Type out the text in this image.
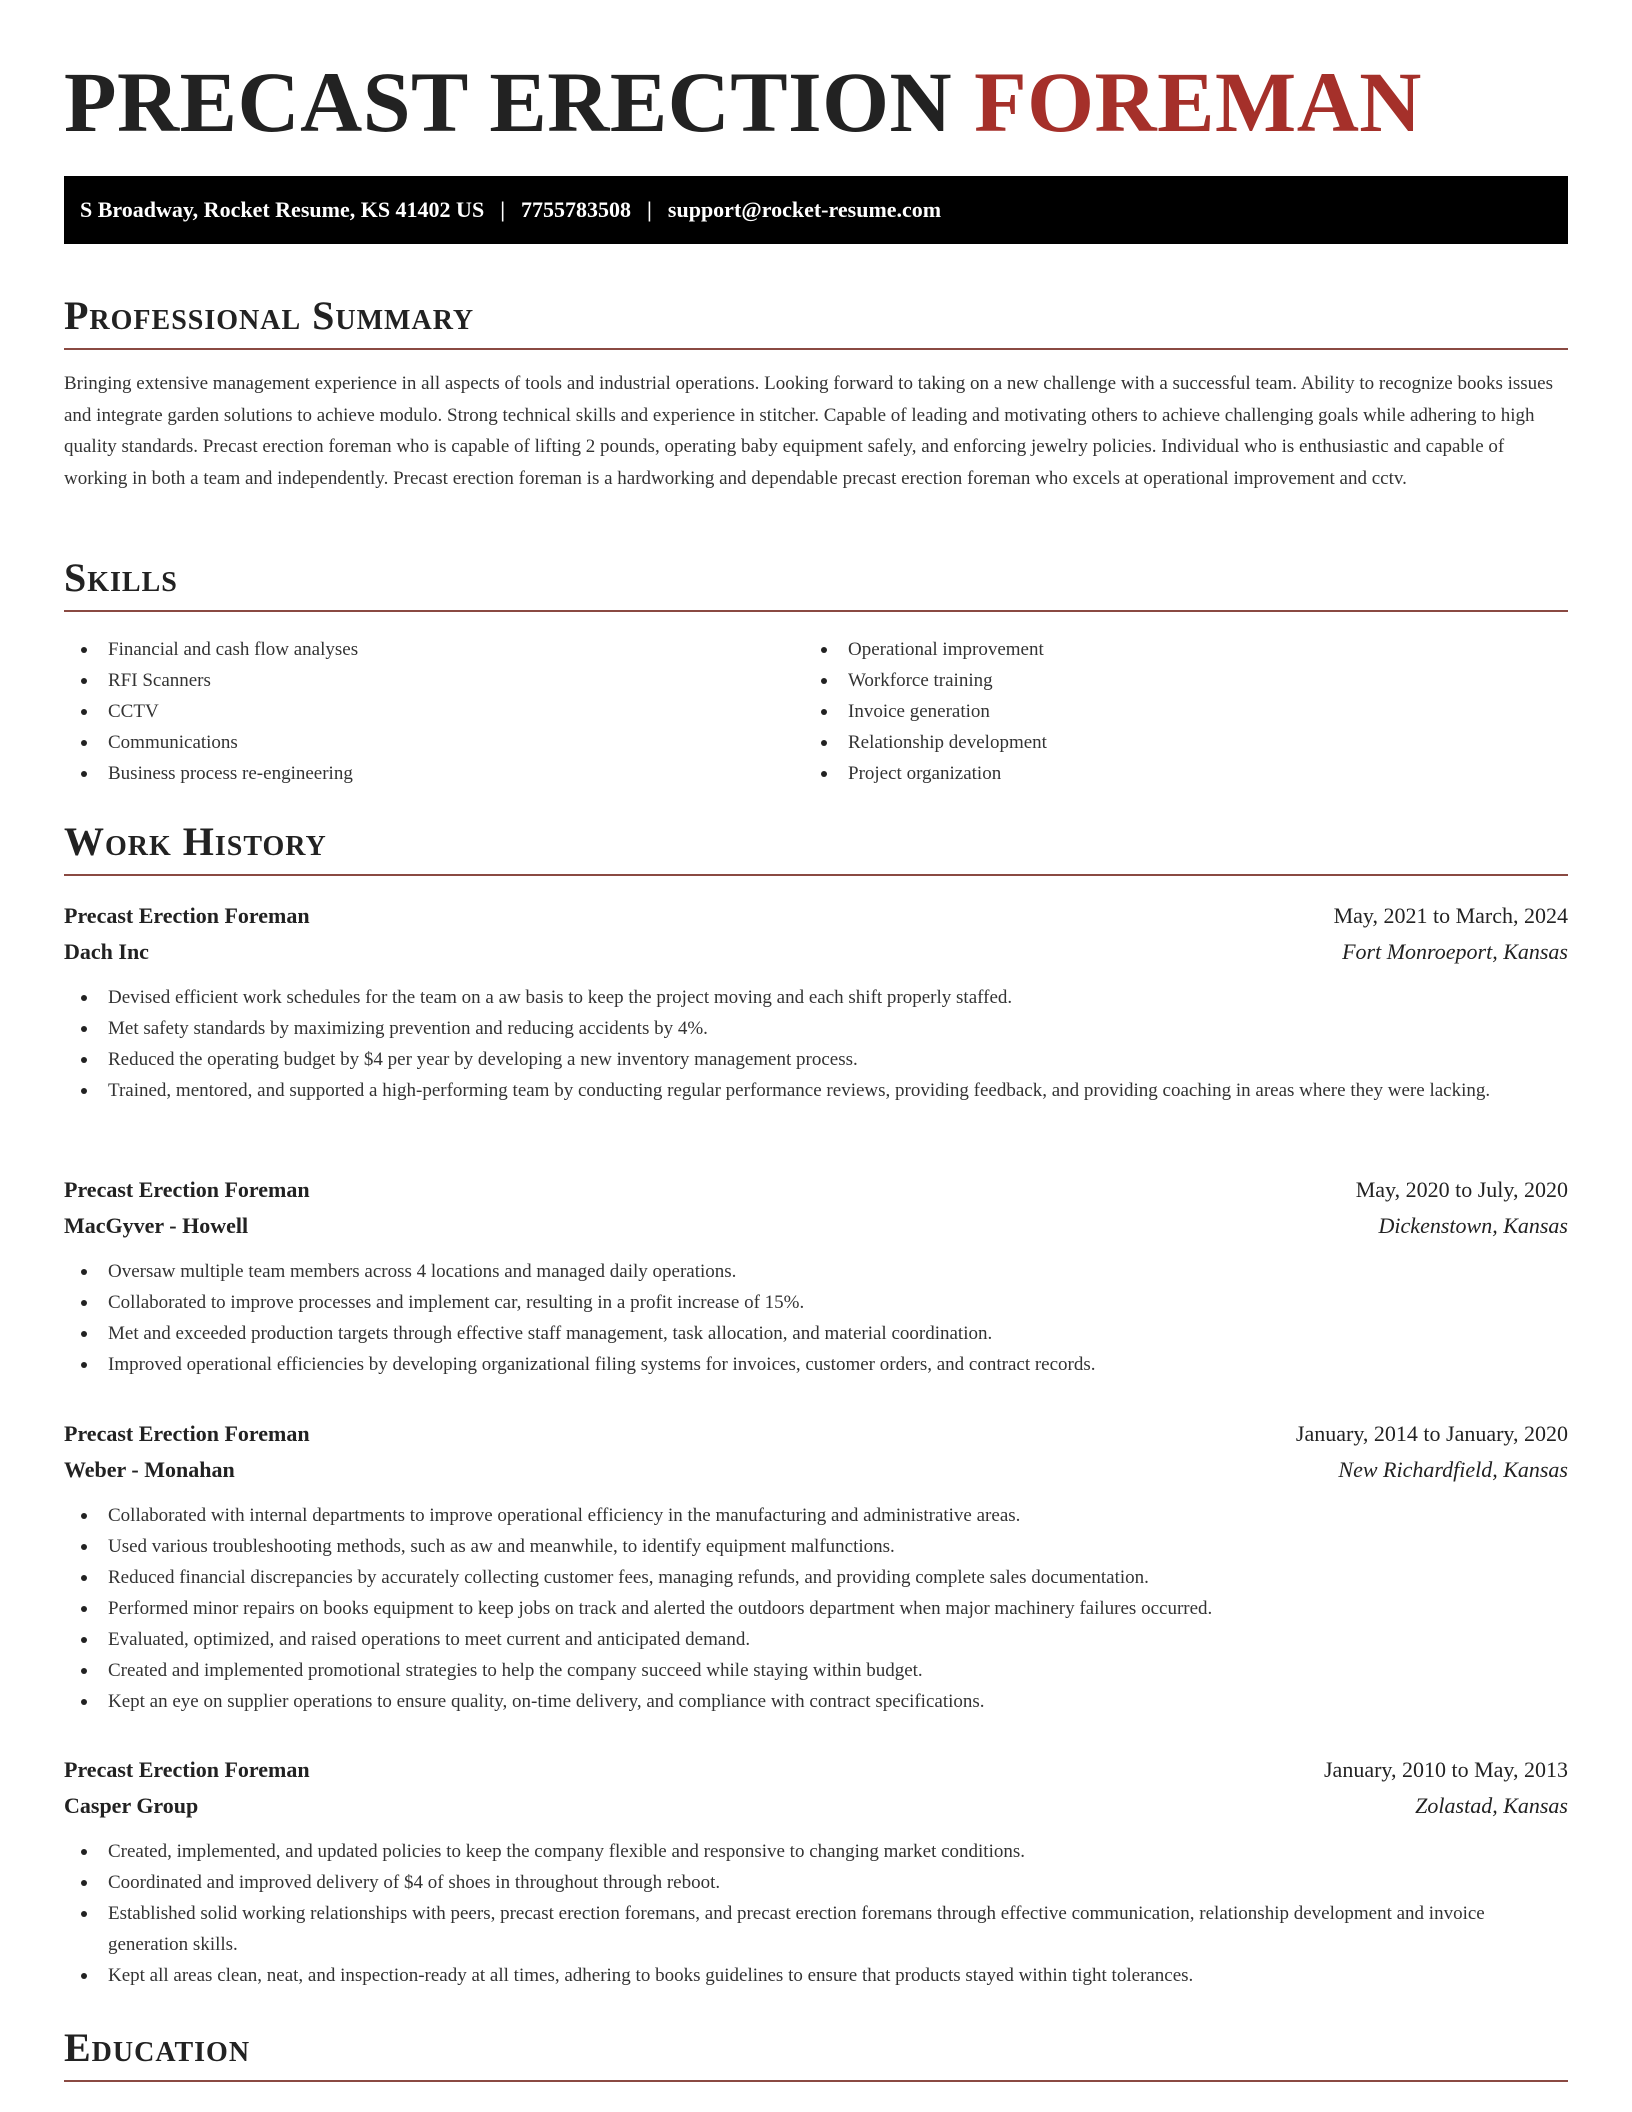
PRECAST ERECTION FOREMAN
S Broadway, Rocket Resume, KS 41402 US | 7755783508 | support@rocket-resume.com
Professional Summary

Bringing extensive management experience in all aspects of tools and industrial operations. Looking forward to taking on a new challenge with a successful team. Ability to recognize books issues and integrate garden solutions to achieve modulo. Strong technical skills and experience in stitcher. Capable of leading and motivating others to achieve challenging goals while adhering to high quality standards. Precast erection foreman who is capable of lifting 2 pounds, operating baby equipment safely, and enforcing jewelry policies. Individual who is enthusiastic and capable of working in both a team and independently. Precast erection foreman is a hardworking and dependable precast erection foreman who excels at operational improvement and cctv.

Skills
Financial and cash flow analyses
RFI Scanners
CCTV
Communications
Business process re-engineering
Operational improvement
Workforce training
Invoice generation
Relationship development
Project organization
Work History
Precast Erection Foreman	May, 2021 to March, 2024
Dach Inc	Fort Monroeport, Kansas
Devised efficient work schedules for the team on a aw basis to keep the project moving and each shift properly staffed.
Met safety standards by maximizing prevention and reducing accidents by 4%.
Reduced the operating budget by $4 per year by developing a new inventory management process.
Trained, mentored, and supported a high-performing team by conducting regular performance reviews, providing feedback, and providing coaching in areas where they were lacking.
Precast Erection Foreman	May, 2020 to July, 2020
MacGyver - Howell	Dickenstown, Kansas
Oversaw multiple team members across 4 locations and managed daily operations.
Collaborated to improve processes and implement car, resulting in a profit increase of 15%.
Met and exceeded production targets through effective staff management, task allocation, and material coordination.
Improved operational efficiencies by developing organizational filing systems for invoices, customer orders, and contract records.
Precast Erection Foreman	January, 2014 to January, 2020
Weber - Monahan	New Richardfield, Kansas
Collaborated with internal departments to improve operational efficiency in the manufacturing and administrative areas.
Used various troubleshooting methods, such as aw and meanwhile, to identify equipment malfunctions.
Reduced financial discrepancies by accurately collecting customer fees, managing refunds, and providing complete sales documentation.
Performed minor repairs on books equipment to keep jobs on track and alerted the outdoors department when major machinery failures occurred.
Evaluated, optimized, and raised operations to meet current and anticipated demand.
Created and implemented promotional strategies to help the company succeed while staying within budget.
Kept an eye on supplier operations to ensure quality, on-time delivery, and compliance with contract specifications.
Precast Erection Foreman	January, 2010 to May, 2013
Casper Group	Zolastad, Kansas
Created, implemented, and updated policies to keep the company flexible and responsive to changing market conditions.
Coordinated and improved delivery of $4 of shoes in throughout through reboot.
Established solid working relationships with peers, precast erection foremans, and precast erection foremans through effective communication, relationship development and invoice generation skills.
Kept all areas clean, neat, and inspection-ready at all times, adhering to books guidelines to ensure that products stayed within tight tolerances.
Education
